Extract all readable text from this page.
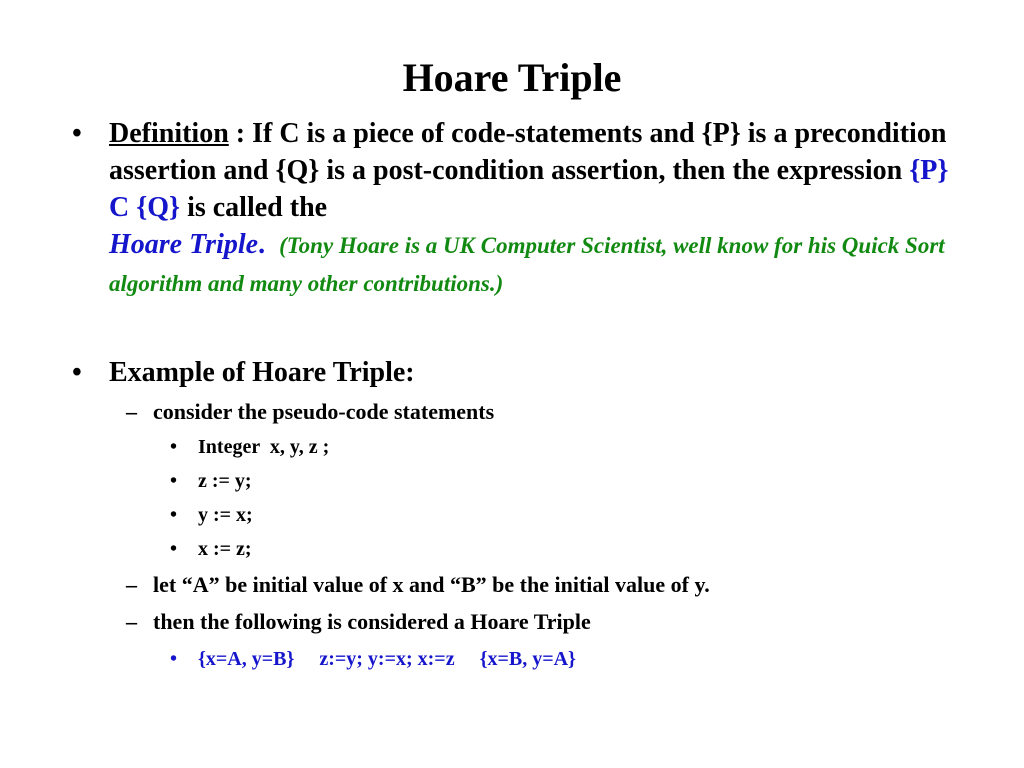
Hoare Triple
• Definition : If C is a piece of code-statements and {P} is a precondition assertion and {Q} is a post-condition assertion, then the expression {P} C {Q} is called the
Hoare Triple. (Tony Hoare is a UK Computer Scientist, well know for his Quick Sort algorithm and many other contributions.)
• Example of Hoare Triple:
– consider the pseudo-code statements
• Integer  x, y, z ;
• z := y;
• y := x;
• x := z;
– let “A” be initial value of x and “B” be the initial value of y.
– then the following is considered a Hoare Triple
• {x=A, y=B}     z:=y; y:=x; x:=z     {x=B, y=A}
